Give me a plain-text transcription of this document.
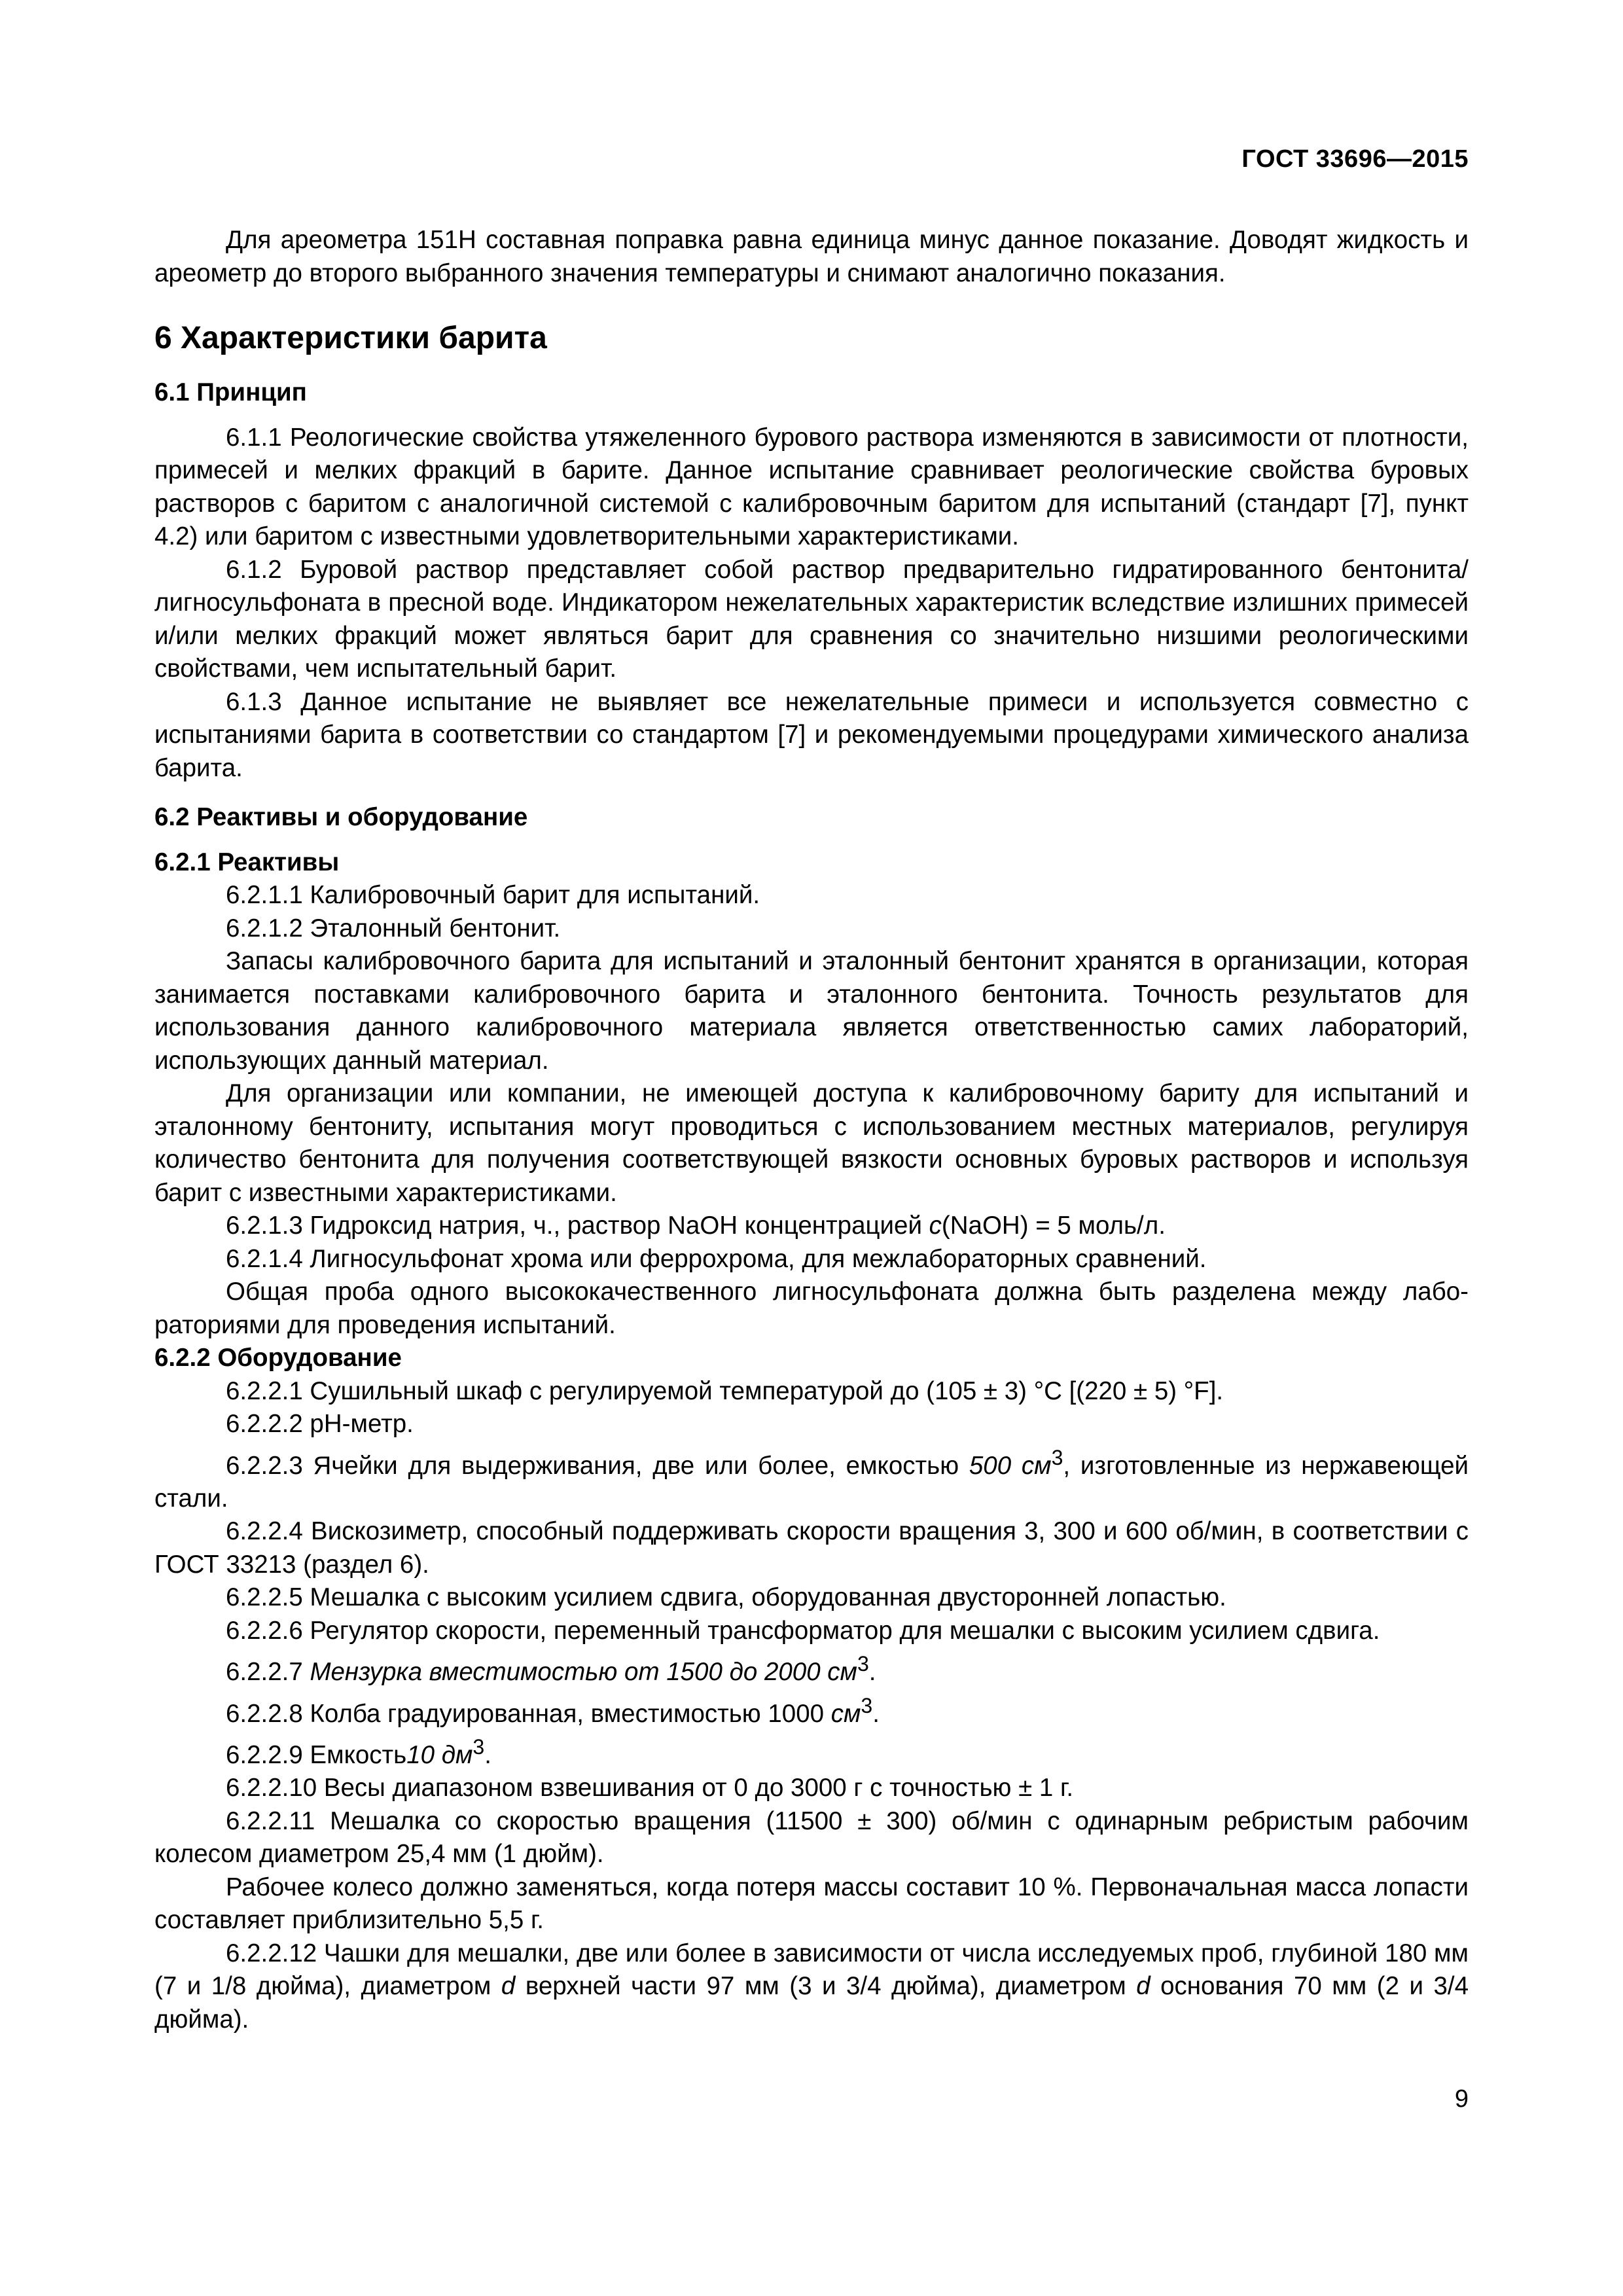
ГОСТ 33696—2015

Для ареометра 151Н составная поправка равна единица минус данное показание. Доводят жидкость и ареометр до второго выбранного значения температуры и снимают аналогично показания.

6 Характеристики барита

6.1 Принцип

6.1.1 Реологические свойства утяжеленного бурового раствора изменяются в зависимости от плотности, примесей и мелких фракций в барите. Данное испытание сравнивает реологические свойства буровых растворов с баритом с аналогичной системой с калибровочным баритом для испытаний (стандарт [7], пункт 4.2) или баритом с известными удовлетворительными характеристиками.

6.1.2 Буровой раствор представляет собой раствор предварительно гидратированного бентонита/ лигносульфоната в пресной воде. Индикатором нежелательных характеристик вследствие излишних примесей и/или мелких фракций может являться барит для сравнения со значительно низшими реологическими свойствами, чем испытательный барит.

6.1.3 Данное испытание не выявляет все нежелательные примеси и используется совместно с испытаниями барита в соответствии со стандартом [7] и рекомендуемыми процедурами химического анализа барита.

6.2 Реактивы и оборудование

6.2.1 Реактивы

6.2.1.1 Калибровочный барит для испытаний.

6.2.1.2 Эталонный бентонит.

Запасы калибровочного барита для испытаний и эталонный бентонит хранятся в организации, которая занимается поставками калибровочного барита и эталонного бентонита. Точность результатов для использования данного калибровочного материала является ответственностью самих лабораторий, использующих данный материал.

Для организации или компании, не имеющей доступа к калибровочному бариту для испытаний и эталонному бентониту, испытания могут проводиться с использованием местных материалов, регулируя количество бентонита для получения соответствующей вязкости основных буровых растворов и используя барит с известными характеристиками.

6.2.1.3 Гидроксид натрия, ч., раствор NaOH концентрацией c(NaOH) = 5 моль/л.

6.2.1.4 Лигносульфонат хрома или феррохрома, для межлабораторных сравнений.

Общая проба одного высококачественного лигносульфоната должна быть разделена между лабораториями для проведения испытаний.

6.2.2 Оборудование

6.2.2.1 Сушильный шкаф с регулируемой температурой до (105 ± 3) °С [(220 ± 5) °F].

6.2.2.2 рН-метр.

6.2.2.3 Ячейки для выдерживания, две или более, емкостью 500 $см^3$, изготовленные из нержавеющей стали.

6.2.2.4 Вискозиметр, способный поддерживать скорости вращения 3, 300 и 600 об/мин, в соответствии с ГОСТ 33213 (раздел 6).

6.2.2.5 Мешалка с высоким усилием сдвига, оборудованная двусторонней лопастью.

6.2.2.6 Регулятор скорости, переменный трансформатор для мешалки с высоким усилием сдвига.

6.2.2.7 Мензурка вместимостью от 1500 до 2000 $см^3$.

6.2.2.8 Колба градуированная, вместимостью 1000 $см^3$.

6.2.2.9 Емкость10 $дм^3$.

6.2.2.10 Весы диапазоном взвешивания от 0 до 3000 г с точностью ± 1 г.

6.2.2.11 Мешалка со скоростью вращения (11500 ± 300) об/мин с одинарным ребристым рабочим колесом диаметром 25,4 мм (1 дюйм).

Рабочее колесо должно заменяться, когда потеря массы составит 10 %. Первоначальная масса лопасти составляет приблизительно 5,5 г.

6.2.2.12 Чашки для мешалки, две или более в зависимости от числа исследуемых проб, глубиной 180 мм (7 и 1/8 дюйма), диаметром d верхней части 97 мм (3 и 3/4 дюйма), диаметром d основания 70 мм (2 и 3/4 дюйма).

9
